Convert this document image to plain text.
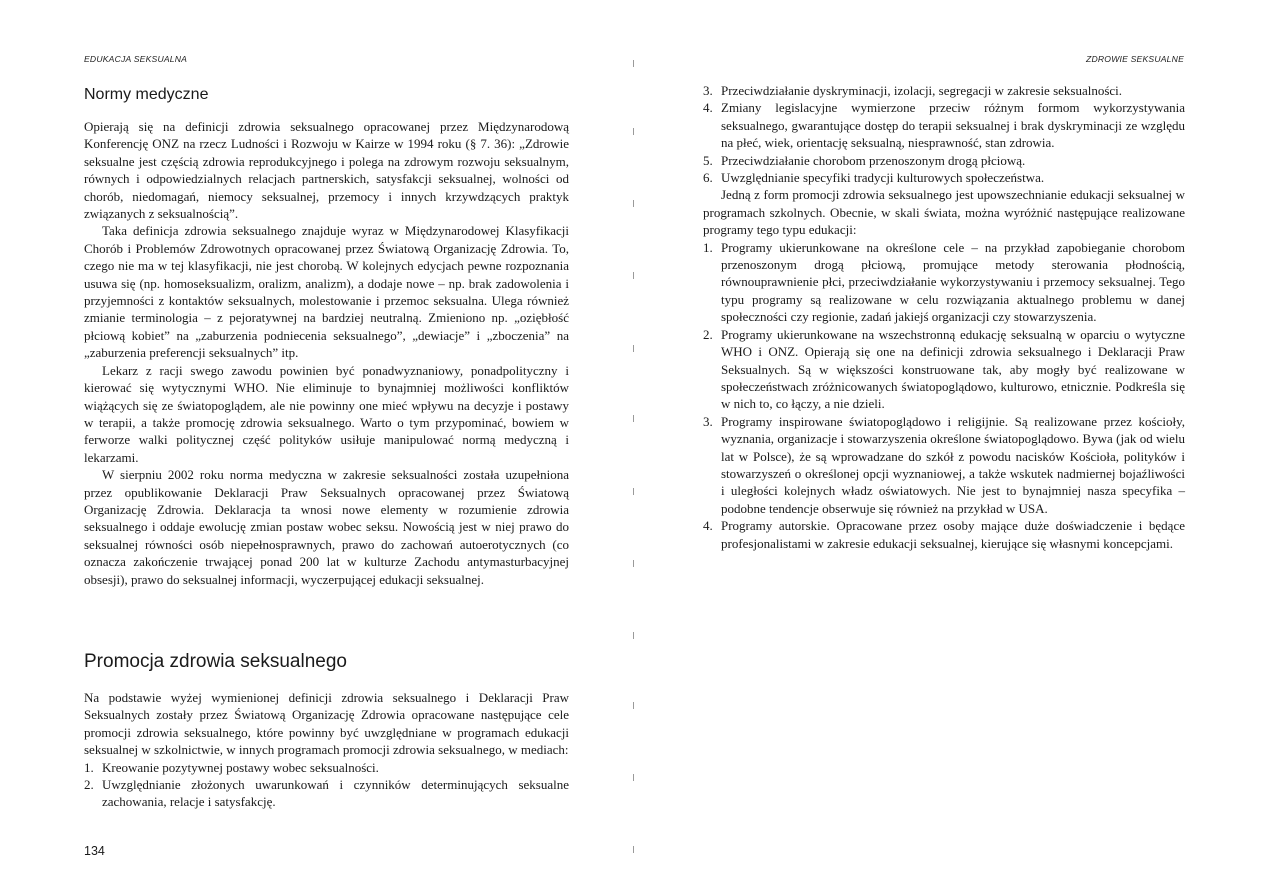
EDUKACJA SEKSUALNA
Normy medyczne

Opierają się na definicji zdrowia seksualnego opracowanej przez Międzynarodową Konferencję ONZ na rzecz Ludności i Rozwoju w Kairze w 1994 roku (§ 7. 36): „Zdrowie seksualne jest częścią zdrowia reprodukcyjnego i polega na zdrowym rozwoju seksualnym, równych i odpowiedzialnych relacjach partnerskich, satysfakcji seksualnej, wolności od chorób, niedomagań, niemocy seksualnej, przemocy i innych krzywdzących praktyk związanych z seksualnością”.

Taka definicja zdrowia seksualnego znajduje wyraz w Międzynarodowej Klasyfikacji Chorób i Problemów Zdrowotnych opracowanej przez Światową Organizację Zdrowia. To, czego nie ma w tej klasyfikacji, nie jest chorobą. W kolejnych edycjach pewne rozpoznania usuwa się (np. homoseksualizm, oralizm, analizm), a dodaje nowe – np. brak zadowolenia i przyjemności z kontaktów seksualnych, molestowanie i przemoc seksualna. Ulega również zmianie terminologia – z pejoratywnej na bardziej neutralną. Zmieniono np. „oziębłość płciową kobiet” na „zaburzenia podniecenia seksualnego”, „dewiacje” i „zboczenia” na „zaburzenia preferencji seksualnych” itp.

Lekarz z racji swego zawodu powinien być ponadwyznaniowy, ponadpolityczny i kierować się wytycznymi WHO. Nie eliminuje to bynajmniej możliwości konfliktów wiążących się ze światopoglądem, ale nie powinny one mieć wpływu na decyzje i postawy w terapii, a także promocję zdrowia seksualnego. Warto o tym przypominać, bowiem w ferworze walki politycznej część polityków usiłuje manipulować normą medyczną i lekarzami.

W sierpniu 2002 roku norma medyczna w zakresie seksualności została uzupełniona przez opublikowanie Deklaracji Praw Seksualnych opracowanej przez Światową Organizację Zdrowia. Deklaracja ta wnosi nowe elementy w rozumienie zdrowia seksualnego i oddaje ewolucję zmian postaw wobec seksu. Nowością jest w niej prawo do seksualnej równości osób niepełnosprawnych, prawo do zachowań autoerotycznych (co oznacza zakończenie trwającej ponad 200 lat w kulturze Zachodu antymasturbacyjnej obsesji), prawo do seksualnej informacji, wyczerpującej edukacji seksualnej.

Promocja zdrowia seksualnego

Na podstawie wyżej wymienionej definicji zdrowia seksualnego i Deklaracji Praw Seksualnych zostały przez Światową Organizację Zdrowia opracowane następujące cele promocji zdrowia seksualnego, które powinny być uwzględniane w programach edukacji seksualnej w szkolnictwie, w innych programach promocji zdrowia seksualnego, w mediach:

1. Kreowanie pozytywnej postawy wobec seksualności.
2. Uwzględnianie złożonych uwarunkowań i czynników determinujących seksualne zachowania, relacje i satysfakcję.
134
ZDROWIE SEKSUALNE
3. Przeciwdziałanie dyskryminacji, izolacji, segregacji w zakresie seksualności.
4. Zmiany legislacyjne wymierzone przeciw różnym formom wykorzystywania seksualnego, gwarantujące dostęp do terapii seksualnej i brak dyskryminacji ze względu na płeć, wiek, orientację seksualną, niesprawność, stan zdrowia.
5. Przeciwdziałanie chorobom przenoszonym drogą płciową.
6. Uwzględnianie specyfiki tradycji kulturowych społeczeństwa.

Jedną z form promocji zdrowia seksualnego jest upowszechnianie edukacji seksualnej w programach szkolnych. Obecnie, w skali świata, można wyróżnić następujące realizowane programy tego typu edukacji:

1. Programy ukierunkowane na określone cele – na przykład zapobieganie chorobom przenoszonym drogą płciową, promujące metody sterowania płodnością, równouprawnienie płci, przeciwdziałanie wykorzystywaniu i przemocy seksualnej. Tego typu programy są realizowane w celu rozwiązania aktualnego problemu w danej społeczności czy regionie, zadań jakiejś organizacji czy stowarzyszenia.
2. Programy ukierunkowane na wszechstronną edukację seksualną w oparciu o wytyczne WHO i ONZ. Opierają się one na definicji zdrowia seksualnego i Deklaracji Praw Seksualnych. Są w większości konstruowane tak, aby mogły być realizowane w społeczeństwach zróżnicowanych światopoglądowo, kulturowo, etnicznie. Podkreśla się w nich to, co łączy, a nie dzieli.
3. Programy inspirowane światopoglądowo i religijnie. Są realizowane przez kościoły, wyznania, organizacje i stowarzyszenia określone światopoglądowo. Bywa (jak od wielu lat w Polsce), że są wprowadzane do szkół z powodu nacisków Kościoła, polityków i stowarzyszeń o określonej opcji wyznaniowej, a także wskutek nadmiernej bojaźliwości i uległości kolejnych władz oświatowych. Nie jest to bynajmniej nasza specyfika – podobne tendencje obserwuje się również na przykład w USA.
4. Programy autorskie. Opracowane przez osoby mające duże doświadczenie i będące profesjonalistami w zakresie edukacji seksualnej, kierujące się własnymi koncepcjami.
